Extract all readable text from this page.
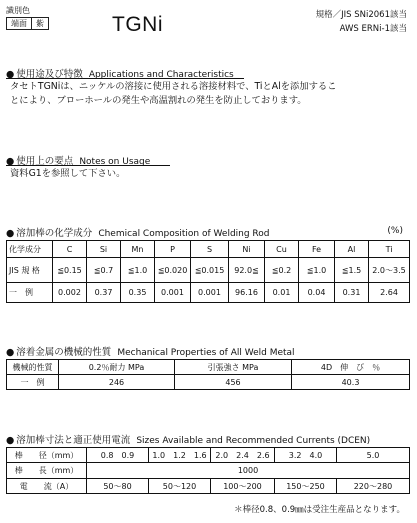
識別色
端面	紫	TGNi	規格／JIS SNi2061該当
AWS ERNi-1該当
● 使用途及び特徴 Applications and Characteristics
タセトTGNiは、ニッケルの溶接に使用される溶接材料で、TiとAlを添加するこ
とにより、ブローホールの発生や高温割れの発生を防止しております。
● 使用上の要点 Notes on Usage
資料G1を参照して下さい。
● 溶加棒の化学成分 Chemical Composition of Welding Rod	(%)
化学成分	C	Si	Mn	P	S	Ni	Cu	Fe	Al	Ti
JIS 規 格	≦0.15	≦0.7	≦1.0	≦0.020	≦0.015	92.0≦	≦0.2	≦1.0	≦1.5	2.0〜3.5
一　例	0.002	0.37	0.35	0.001	0.001	96.16	0.01	0.04	0.31	2.64
● 溶着金属の機械的性質 Mechanical Properties of All Weld Metal
機械的性質	0.2％耐力 MPa	引張強さ MPa	4D　伸　び　％
一　例	246	456	40.3
● 溶加棒寸法と適正使用電流 Sizes Available and Recommended Currents (DCEN)
棒　　径（mm）	0.8　0.9	1.0　1.2　1.6	2.0　2.4　2.6	3.2　4.0	5.0
棒　　長（mm）	1000				
電　　流（A）	50〜80	50〜120	100〜200	150〜250	220〜280
＊棒径0.8、0.9㎜は受注生産品となります。
